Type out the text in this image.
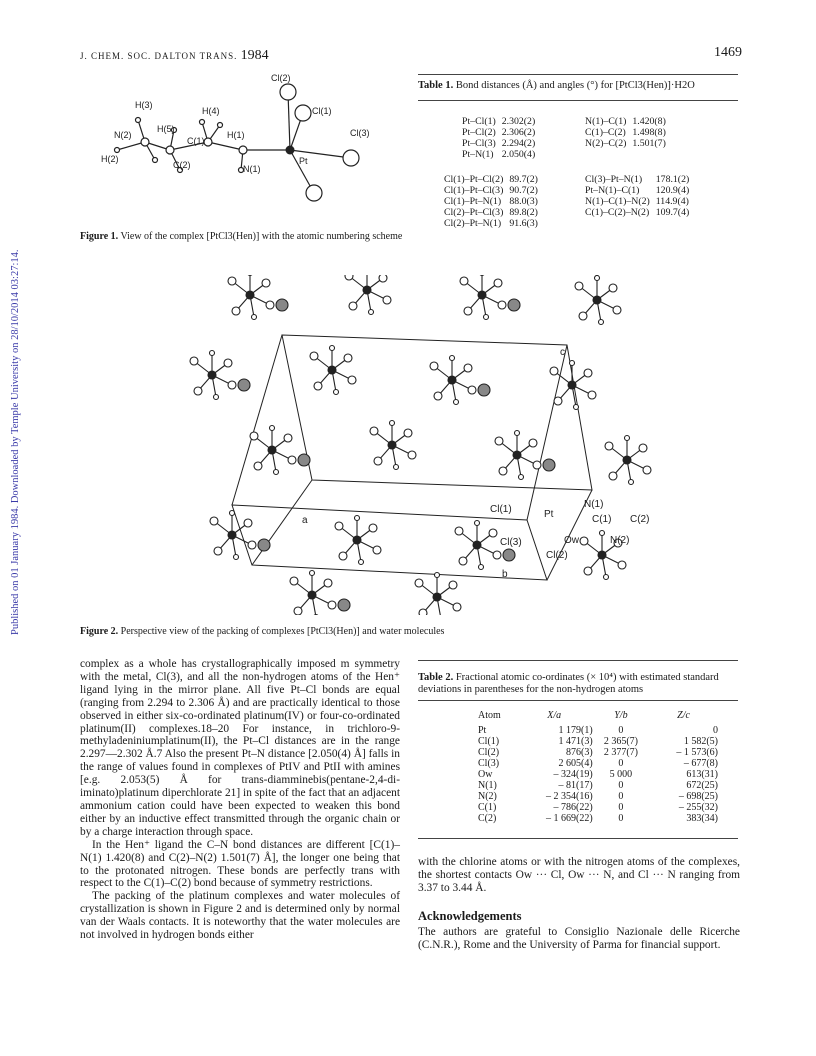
Published on 01 January 1984. Downloaded by Temple University on 28/10/2014 03:27:14.
J. CHEM. SOC. DALTON TRANS. 1984	1469
Cl(2)
Cl(1)
Cl(3)
Pt
H(3)
H(4)
H(5)
H(1)
H(2)
N(2)
N(1)
C(1)
C(2)
Figure 1. View of the complex [PtCl3(Hen)] with the atomic numbering scheme
Table 1. Bond distances (Å) and angles (°) for [PtCl3(Hen)]·H2O
Pt–Cl(1)	2.302(2)
Pt–Cl(2)	2.306(2)
Pt–Cl(3)	2.294(2)
Pt–N(1)	2.050(4)
N(1)–C(1)	1.420(8)
C(1)–C(2)	1.498(8)
N(2)–C(2)	1.501(7)
Cl(1)–Pt–Cl(2)	89.7(2)
Cl(1)–Pt–Cl(3)	90.7(2)
Cl(1)–Pt–N(1)	88.0(3)
Cl(2)–Pt–Cl(3)	89.8(2)
Cl(2)–Pt–N(1)	91.6(3)
Cl(3)–Pt–N(1)	178.1(2)
Pt–N(1)–C(1)	120.9(4)
N(1)–C(1)–N(2)	114.9(4)
C(1)–C(2)–N(2)	109.7(4)
c
a
b
Cl(1)	Pt
N(1)
C(1) C(2)
N(2)
Cl(3)	Ow
Cl(2)
Figure 2. Perspective view of the packing of complexes [PtCl3(Hen)] and water molecules

complex as a whole has crystallographically imposed m symmetry with the metal, Cl(3), and all the non-hydrogen atoms of the Hen⁺ ligand lying in the mirror plane. All five Pt–Cl bonds are equal (ranging from 2.294 to 2.306 Å) and are practically identical to those observed in either six-co-ordinated platinum(IV) or four-co-ordinated platinum(II) complexes.18–20 For instance, in trichloro-9-methyladeniniumplatinum(II), the Pt–Cl distances are in the range 2.297—2.302 Å.7 Also the present Pt–N distance [2.050(4) Å] falls in the range of values found in complexes of PtIV and PtII with amines [e.g. 2.053(5) Å for trans-diamminebis(pentane-2,4-di-iminato)platinum diperchlorate 21] in spite of the fact that an adjacent ammonium cation could have been expected to weaken this bond either by an inductive effect transmitted through the organic chain or by a charge interaction through space.

In the Hen⁺ ligand the C–N bond distances are different [C(1)–N(1) 1.420(8) and C(2)–N(2) 1.501(7) Å], the longer one being that to the protonated nitrogen. These bonds are perfectly trans with respect to the C(1)–C(2) bond because of symmetry restrictions.

The packing of the platinum complexes and water molecules of crystallization is shown in Figure 2 and is determined only by normal van der Waals contacts. It is noteworthy that the water molecules are not involved in hydrogen bonds either

Table 2. Fractional atomic co-ordinates (× 10⁴) with estimated standard deviations in parentheses for the non-hydrogen atoms
Atom	X/a	Y/b	Z/c
Pt	1 179(1)	0	0
Cl(1)	1 471(3)	2 365(7)	1 582(5)
Cl(2)	876(3)	2 377(7)	– 1 573(6)
Cl(3)	2 605(4)	0	– 677(8)
Ow	– 324(19)	5 000	613(31)
N(1)	– 81(17)	0	672(25)
N(2)	– 2 354(16)	0	– 698(25)
C(1)	– 786(22)	0	– 255(32)
C(2)	– 1 669(22)	0	383(34)

with the chlorine atoms or with the nitrogen atoms of the complexes, the shortest contacts Ow ··· Cl, Ow ··· N, and Cl ··· N ranging from 3.37 to 3.44 Å.

Acknowledgements

The authors are grateful to Consiglio Nazionale delle Ricerche (C.N.R.), Rome and the University of Parma for financial support.
